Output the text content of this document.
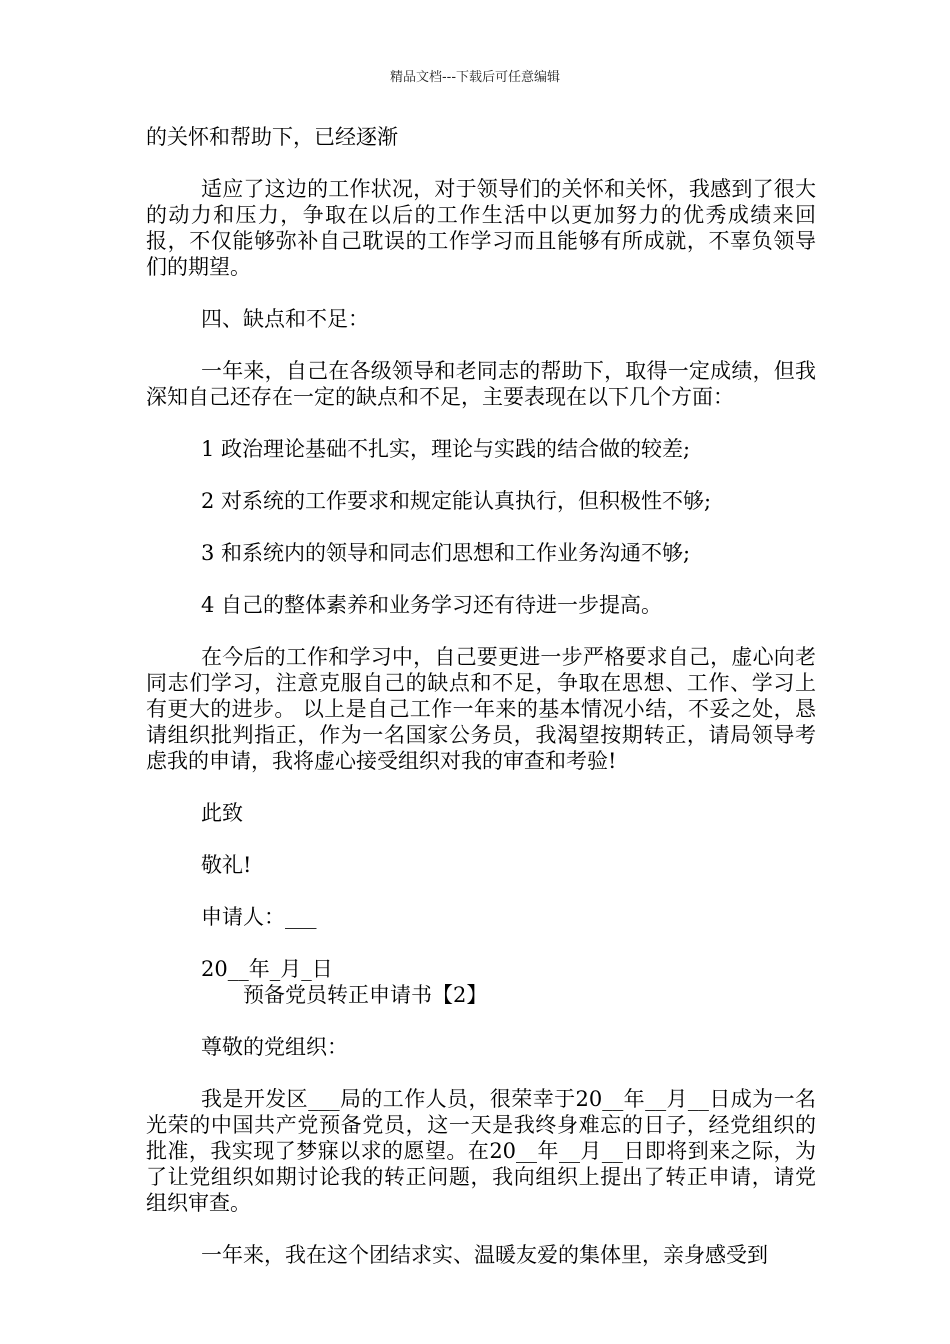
精品文档---下载后可任意编辑

的关怀和帮助下，已经逐渐

适应了这边的工作状况，对于领导们的关怀和关怀，我感到了很大的动力和压力，争取在以后的工作生活中以更加努力的优秀成绩来回报，不仅能够弥补自己耽误的工作学习而且能够有所成就，不辜负领导们的期望。

四、缺点和不足：

一年来，自己在各级领导和老同志的帮助下，取得一定成绩，但我深知自己还存在一定的缺点和不足，主要表现在以下几个方面：

1 政治理论基础不扎实，理论与实践的结合做的较差;

2 对系统的工作要求和规定能认真执行，但积极性不够;

3 和系统内的领导和同志们思想和工作业务沟通不够;

4 自己的整体素养和业务学习还有待进一步提高。

在今后的工作和学习中，自己要更进一步严格要求自己，虚心向老同志们学习，注意克服自己的缺点和不足，争取在思想、工作、学习上有更大的进步。 以上是自己工作一年来的基本情况小结，不妥之处，恳请组织批判指正，作为一名国家公务员，我渴望按期转正，请局领导考虑我的申请，我将虚心接受组织对我的审查和考验!

此致

敬礼!

申请人：___

20__年_月_日

预备党员转正申请书【2】

尊敬的党组织：

我是开发区___局的工作人员，很荣幸于20__年__月__日成为一名光荣的中国共产党预备党员，这一天是我终身难忘的日子，经党组织的批准，我实现了梦寐以求的愿望。在20__年__月__日即将到来之际，为了让党组织如期讨论我的转正问题，我向组织上提出了转正申请，请党组织审查。

一年来，我在这个团结求实、温暖友爱的集体里，亲身感受到
